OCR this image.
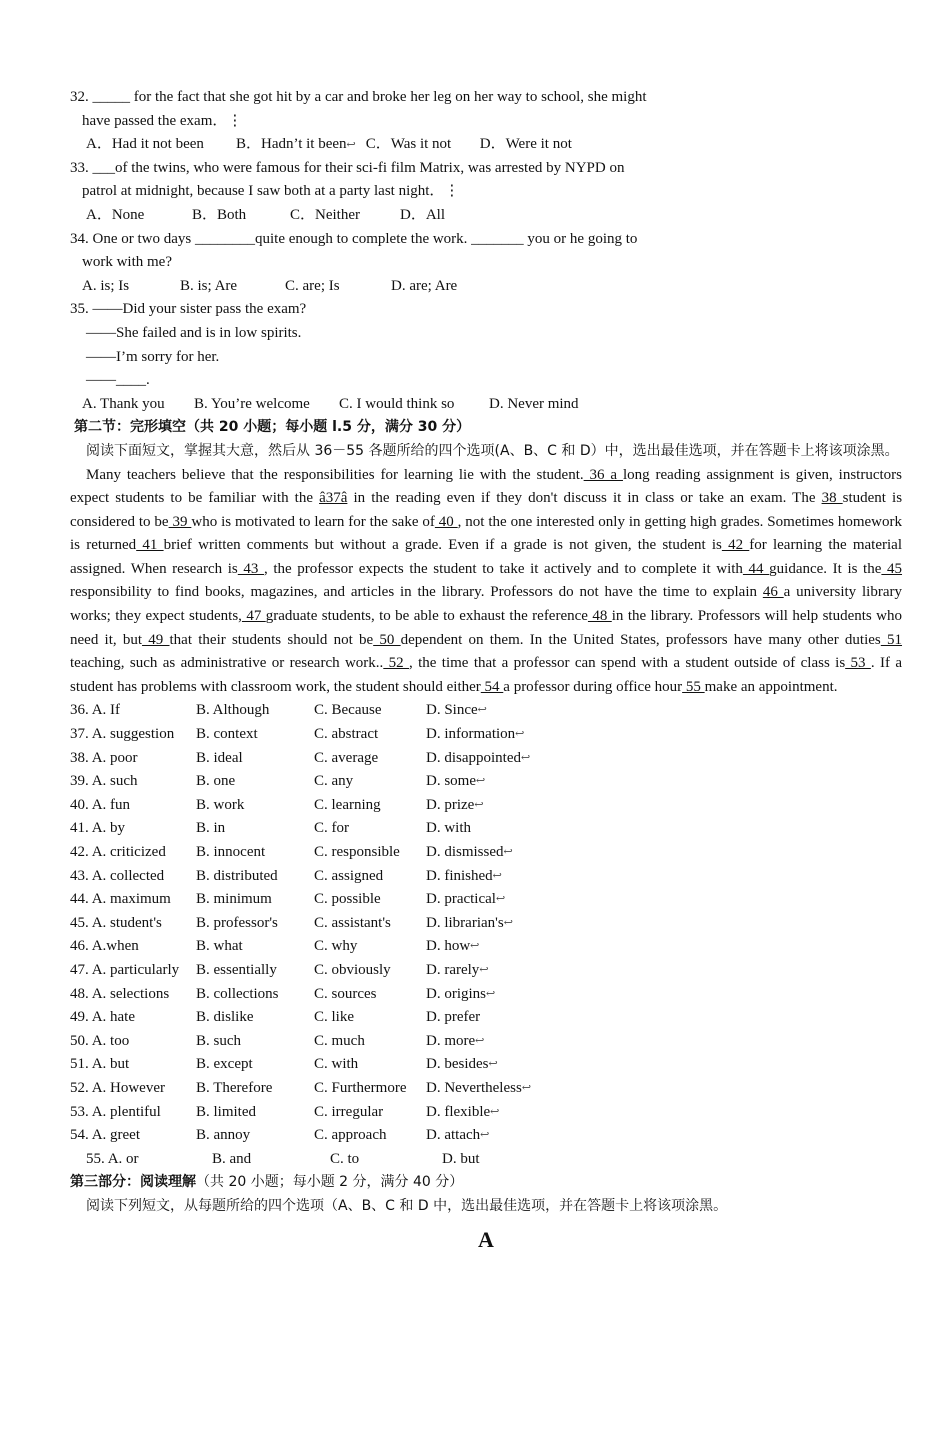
32. _____ for the fact that she got hit by a car and broke her leg on her way to school, she might
have passed the exam．⋮
A．Had it not been	B．Hadn’t it been↩︎ C．Was it not	D．Were it not
33. ___of the twins, who were famous for their sci-fi film Matrix, was arrested by NYPD on
patrol at midnight, because I saw both at a party last night．⋮
A．None	B．Both	C．Neither	D．All
34. One or two days ________quite enough to complete the work. _______ you or he going to
work with me?
A. is; Is	B. is; Are	C. are; Is	D. are; Are
35. ——Did your sister pass the exam?
——She failed and is in low spirits.
——I’m sorry for her.
——____.
A. Thank you	B. You’re welcome	C. I would think so	D. Never mind
第二节：完形填空（共 20 小题；每小题 l.5 分，满分 30 分）
阅读下面短文，掌握其大意，然后从 36－55 各题所给的四个选项(A、B、C 和 D）中，选出最佳选项，并在答题卡上将该项涂黑。
Many teachers believe that the responsibilities for learning lie with the student. 36 a long reading assignment is given, instructors expect students to be familiar with the â37â in the reading even if they don't discuss it in class or take an exam. The 38 student is considered to be 39 who is motivated to learn for the sake of 40 , not the one interested only in getting high grades. Sometimes homework is returned 41 brief written comments but without a grade. Even if a grade is not given, the student is 42 for learning the material assigned. When research is 43 , the professor expects the student to take it actively and to complete it with 44 guidance. It is the 45 responsibility to find books, magazines, and articles in the library. Professors do not have the time to explain 46 a university library works; they expect students, 47 graduate students, to be able to exhaust the reference 48 in the library. Professors will help students who need it, but 49 that their students should not be 50 dependent on them. In the United States, professors have many other duties 51 teaching, such as administrative or research work.. 52 , the time that a professor can spend with a student outside of class is 53 . If a student has problems with classroom work, the student should either 54 a professor during office hour 55 make an appointment.
36. A. If	B. Although	C. Because	D. Since ↩︎
37. A. suggestion	B. context	C. abstract	D. information ↩︎
38. A. poor	B. ideal	C. average	D. disappointed ↩︎
39. A. such	B. one	C. any	D. some ↩︎
40. A. fun	B. work	C. learning	D. prize ↩︎
41. A. by	B. in	C. for	D. with
42. A. criticized	B. innocent	C. responsible	D. dismissed ↩︎
43. A. collected	B. distributed	C. assigned	D. finished ↩︎
44. A. maximum	B. minimum	C. possible	D. practical ↩︎
45. A. student's	B. professor's	C. assistant's	D. librarian's ↩︎
46. A.when	B. what	C. why	D. how ↩︎
47. A. particularly	B. essentially	C. obviously	D. rarely ↩︎
48. A. selections	B. collections	C. sources	D. origins ↩︎
49. A. hate	B. dislike	C. like	D. prefer
50. A. too	B. such	C. much	D. more ↩︎
51. A. but	B. except	C. with	D. besides ↩︎
52. A. However	B. Therefore	C. Furthermore	D. Nevertheless ↩︎
53. A. plentiful	B. limited	C. irregular	D. flexible ↩︎
54. A. greet	B. annoy	C. approach	D. attach ↩︎
55. A. or	B. and	C. to	D. but
第三部分：阅读理解（共 20 小题；每小题 2 分，满分 40 分）
阅读下列短文，从每题所给的四个选项（A、B、C 和 D 中，选出最佳选项，并在答题卡上将该项涂黑。
A
